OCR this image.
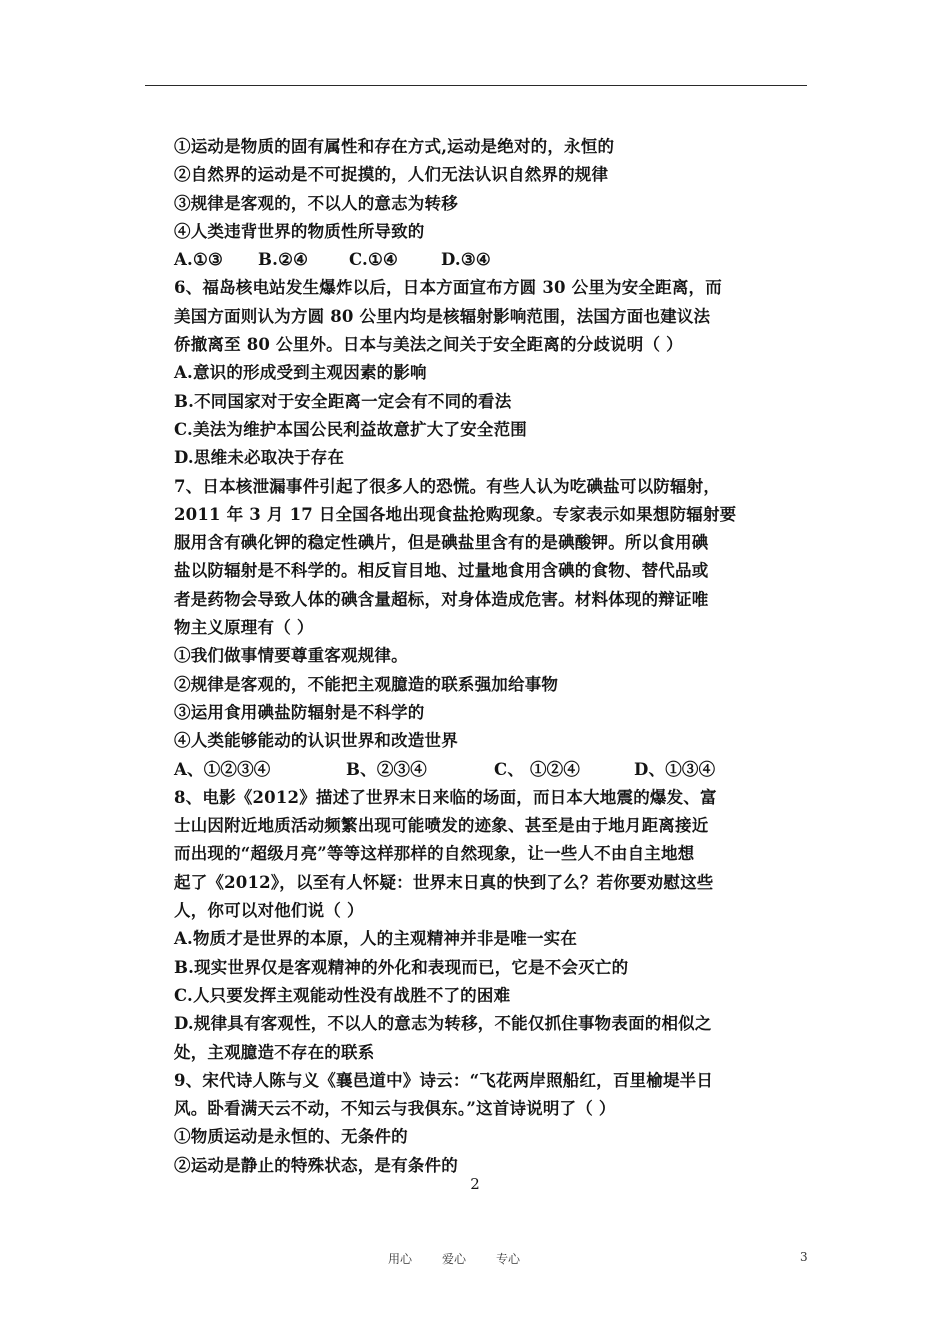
①运动是物质的固有属性和存在方式,运动是绝对的，永恒的
②自然界的运动是不可捉摸的，人们无法认识自然界的规律
③规律是客观的，不以人的意志为转移
④人类违背世界的物质性所导致的
A.①③ B.②④ C.①④	D.③④
6、福岛核电站发生爆炸以后，日本方面宣布方圆 30 公里为安全距离，而
美国方面则认为方圆 80 公里内均是核辐射影响范围，法国方面也建议法
侨撤离至 80 公里外。日本与美法之间关于安全距离的分歧说明（ ）
A.意识的形成受到主观因素的影响
B.不同国家对于安全距离一定会有不同的看法
C.美法为维护本国公民利益故意扩大了安全范围
D.思维未必取决于存在
7、日本核泄漏事件引起了很多人的恐慌。有些人认为吃碘盐可以防辐射，
2011 年 3 月 17 日全国各地出现食盐抢购现象。专家表示如果想防辐射要
服用含有碘化钾的稳定性碘片，但是碘盐里含有的是碘酸钾。所以食用碘
盐以防辐射是不科学的。相反盲目地、过量地食用含碘的食物、替代品或
者是药物会导致人体的碘含量超标，对身体造成危害。材料体现的辩证唯
物主义原理有（ ）
①我们做事情要尊重客观规律。
②规律是客观的，不能把主观臆造的联系强加给事物
③运用食用碘盐防辐射是不科学的
④人类能够能动的认识世界和改造世界
A、①②③④	B、②③④	C、 ①②④	D、①③④
8、电影《2012》描述了世界末日来临的场面，而日本大地震的爆发、富
士山因附近地质活动频繁出现可能喷发的迹象、甚至是由于地月距离接近
而出现的“超级月亮”等等这样那样的自然现象，让一些人不由自主地想
起了《2012》，以至有人怀疑：世界末日真的快到了么？若你要劝慰这些
人，你可以对他们说（ ）
A.物质才是世界的本原，人的主观精神并非是唯一实在
B.现实世界仅是客观精神的外化和表现而已，它是不会灭亡的
C.人只要发挥主观能动性没有战胜不了的困难
D.规律具有客观性，不以人的意志为转移，不能仅抓住事物表面的相似之
处，主观臆造不存在的联系
9、宋代诗人陈与义《襄邑道中》诗云：“飞花两岸照船红，百里榆堤半日
风。卧看满天云不动，不知云与我俱东。”这首诗说明了（ ）
①物质运动是永恒的、无条件的
②运动是静止的特殊状态，是有条件的
2
用心	爱心	专心	3
